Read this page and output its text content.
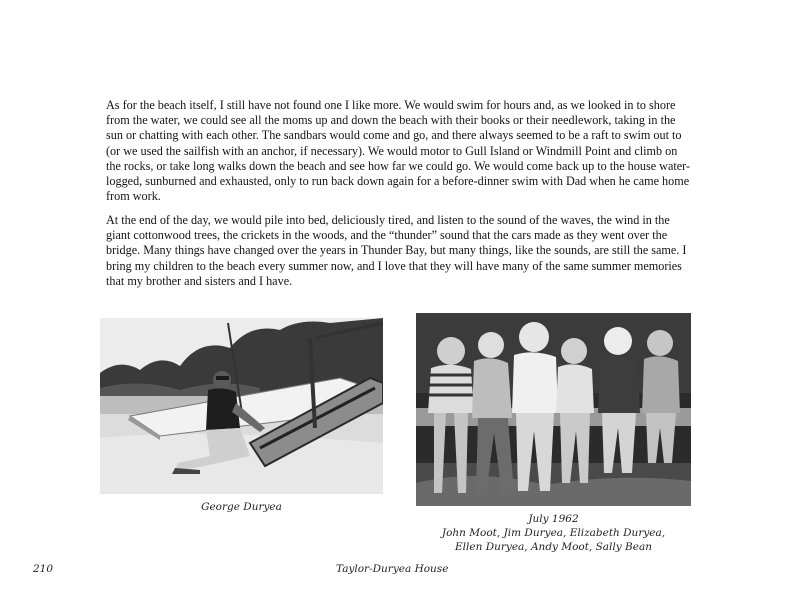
As for the beach itself, I still have not found one I like more. We would swim for hours and, as we looked in to shore from the water, we could see all the moms up and down the beach with their books or their needlework, taking in the sun or chatting with each other. The sandbars would come and go, and there always seemed to be a raft to swim out to (or we used the sailfish with an anchor, if necessary). We would motor to Gull Island or Windmill Point and climb on the rocks, or take long walks down the beach and see how far we could go. We would come back up to the house water-logged, sunburned and exhausted, only to run back down again for a before-dinner swim with Dad when he came home from work.

At the end of the day, we would pile into bed, deliciously tired, and listen to the sound of the waves, the wind in the giant cottonwood trees, the crickets in the woods, and the “thunder” sound that the cars made as they went over the bridge. Many things have changed over the years in Thunder Bay, but many things, like the sounds, are still the same. I bring my children to the beach every summer now, and I love that they will have many of the same summer memories that my brother and sisters and I have.

George Duryea
July 1962
John Moot, Jim Duryea, Elizabeth Duryea,
Ellen Duryea, Andy Moot, Sally Bean
210	Taylor-Duryea House
